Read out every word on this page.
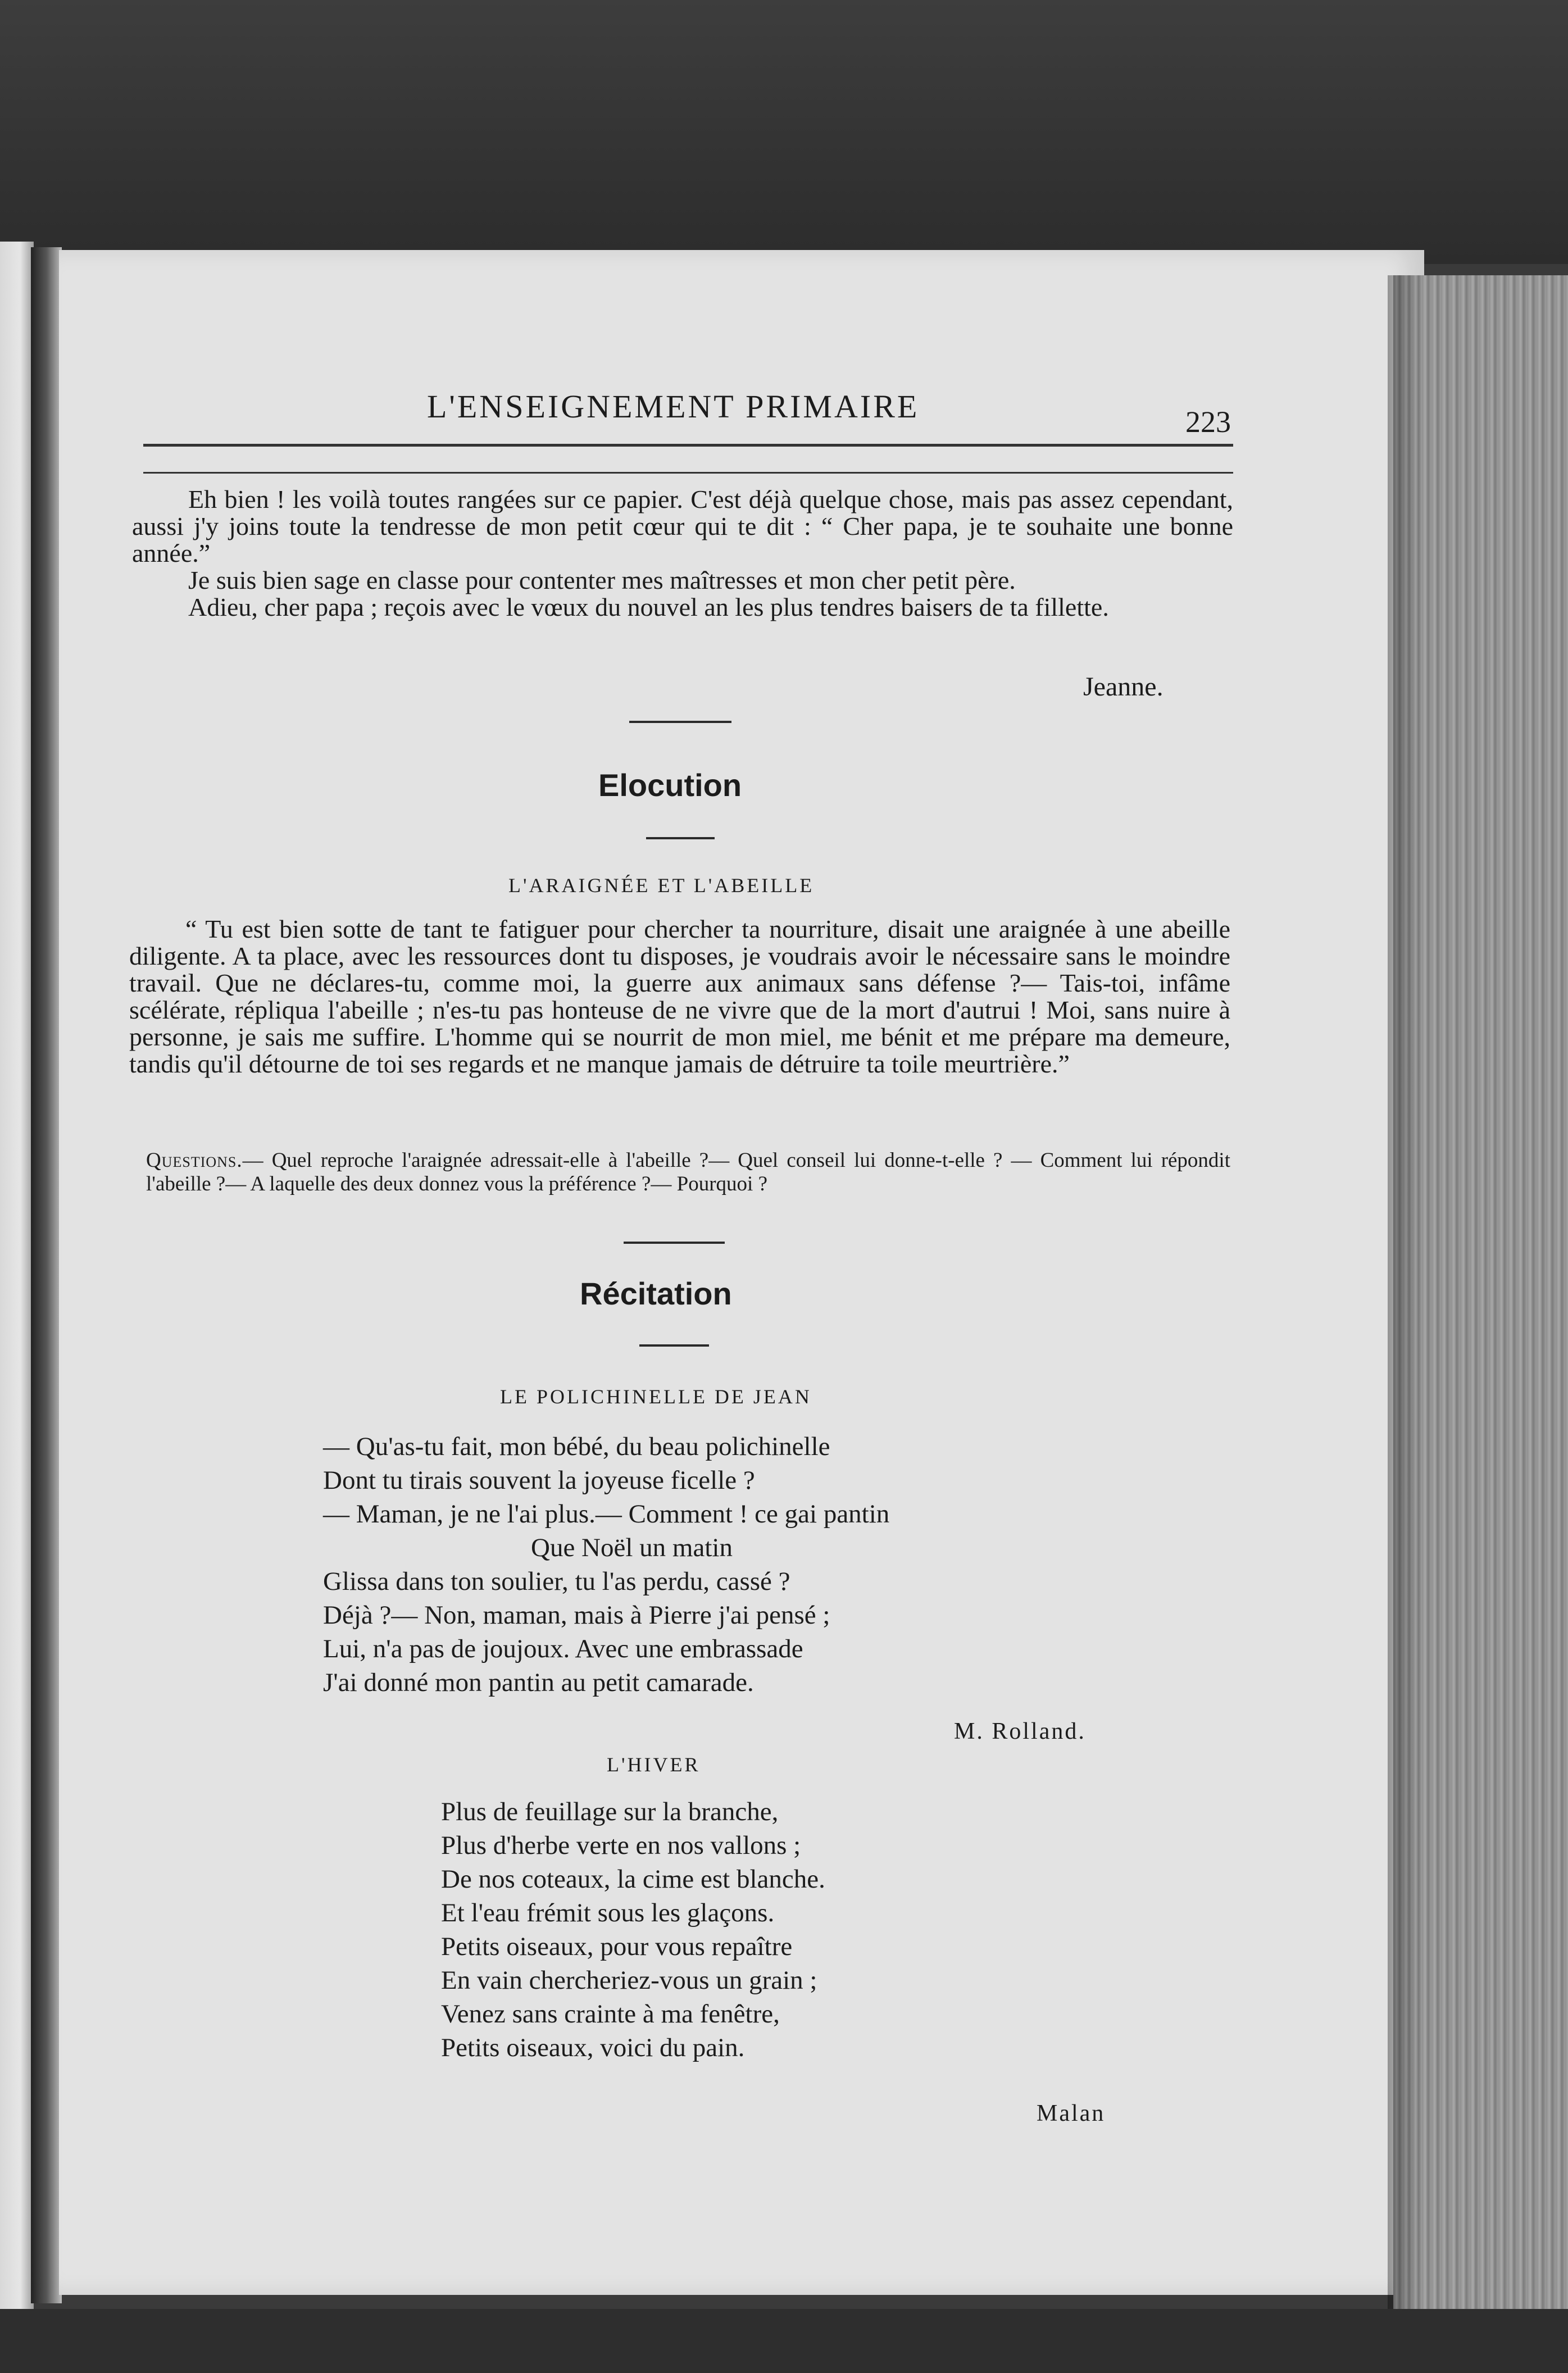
L'ENSEIGNEMENT PRIMAIRE	223

Eh bien ! les voilà toutes rangées sur ce papier. C'est déjà quelque chose, mais pas assez cependant, aussi j'y joins toute la tendresse de mon petit cœur qui te dit : “ Cher papa, je te souhaite une bonne année.”

Je suis bien sage en classe pour contenter mes maîtresses et mon cher petit père.

Adieu, cher papa ; reçois avec le vœux du nouvel an les plus tendres baisers de ta fillette.

Jeanne.
Elocution
L'ARAIGNÉE ET L'ABEILLE

“ Tu est bien sotte de tant te fatiguer pour chercher ta nourriture, disait une araignée à une abeille diligente. A ta place, avec les ressources dont tu disposes, je voudrais avoir le nécessaire sans le moindre travail. Que ne déclares-tu, comme moi, la guerre aux animaux sans défense ?— Tais-toi, infâme scélérate, répliqua l'abeille ; n'es-tu pas honteuse de ne vivre que de la mort d'autrui ! Moi, sans nuire à personne, je sais me suffire. L'homme qui se nourrit de mon miel, me bénit et me prépare ma demeure, tandis qu'il détourne de toi ses regards et ne manque jamais de détruire ta toile meurtrière.”

Questions.— Quel reproche l'araignée adressait-elle à l'abeille ?— Quel conseil lui donne-t-elle ? — Comment lui répondit l'abeille ?— A laquelle des deux donnez vous la préférence ?— Pourquoi ?
Récitation
LE POLICHINELLE DE JEAN
— Qu'as-tu fait, mon bébé, du beau polichinelle
Dont tu tirais souvent la joyeuse ficelle ?
— Maman, je ne l'ai plus.— Comment ! ce gai pantin
Que Noël un matin
Glissa dans ton soulier, tu l'as perdu, cassé ?
Déjà ?— Non, maman, mais à Pierre j'ai pensé ;
Lui, n'a pas de joujoux. Avec une embrassade
J'ai donné mon pantin au petit camarade.
M. Rolland.
L'HIVER
Plus de feuillage sur la branche,
Plus d'herbe verte en nos vallons ;
De nos coteaux, la cime est blanche.
Et l'eau frémit sous les glaçons.
Petits oiseaux, pour vous repaître
En vain chercheriez-vous un grain ;
Venez sans crainte à ma fenêtre,
Petits oiseaux, voici du pain.
Malan
